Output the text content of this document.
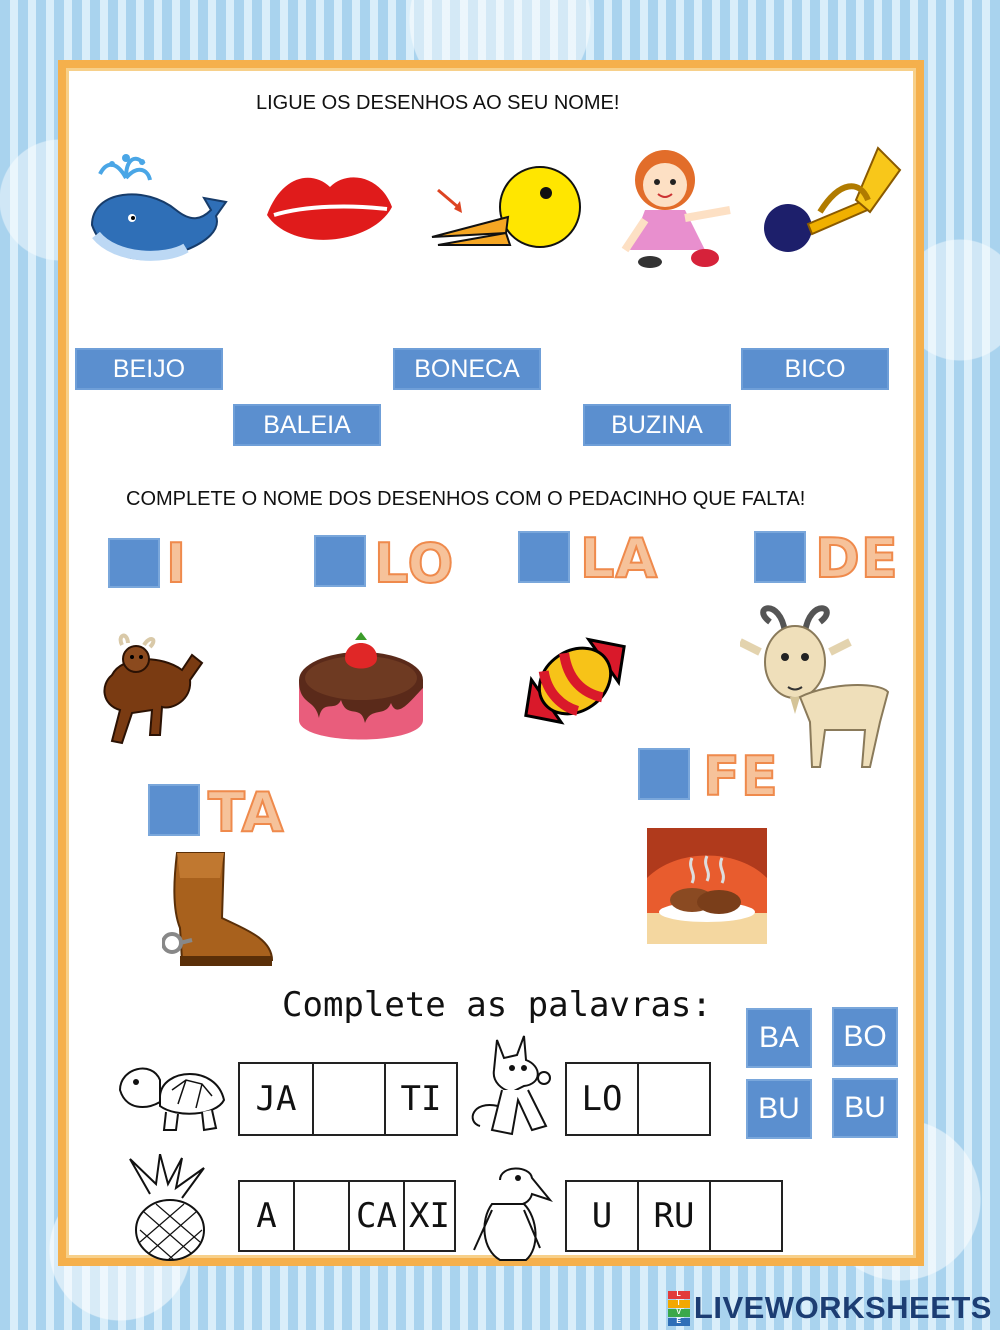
LIGUE OS DESENHOS AO SEU NOME!
BEIJO
BALEIA
BONECA
BUZINA
BICO
COMPLETE O NOME DOS DESENHOS COM O PEDACINHO QUE FALTA!
I	LO LA	DE
TA
FE
Complete as palavras:
JA	TI	LO
BA	BO
BU	BU
A	CA XI	U	RU
L
I
V
E LIVEWORKSHEETS
